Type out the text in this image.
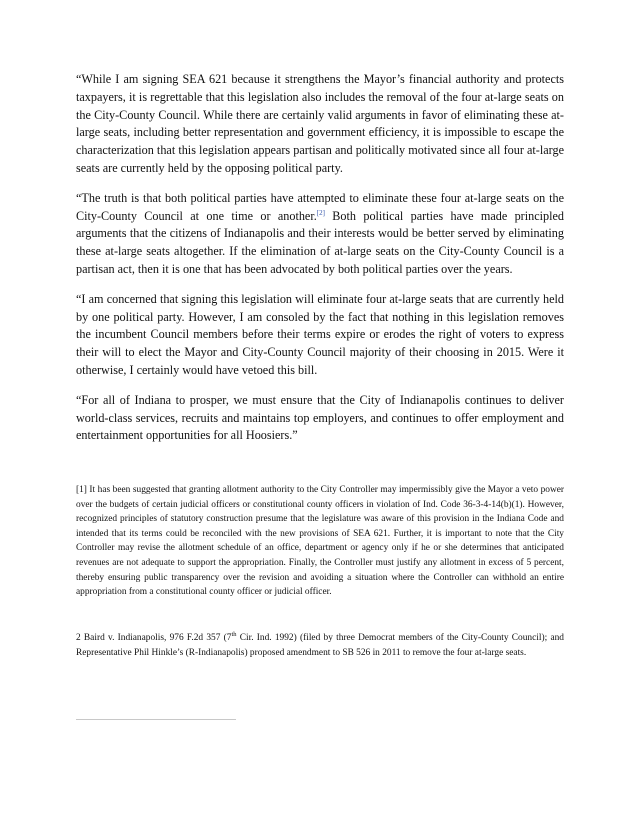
“While I am signing SEA 621 because it strengthens the Mayor’s financial authority and protects taxpayers, it is regrettable that this legislation also includes the removal of the four at-large seats on the City-County Council. While there are certainly valid arguments in favor of eliminating these at-large seats, including better representation and government efficiency, it is impossible to escape the characterization that this legislation appears partisan and politically motivated since all four at-large seats are currently held by the opposing political party.

“The truth is that both political parties have attempted to eliminate these four at-large seats on the City-County Council at one time or another.[2] Both political parties have made principled arguments that the citizens of Indianapolis and their interests would be better served by eliminating these at-large seats altogether. If the elimination of at-large seats on the City-County Council is a partisan act, then it is one that has been advocated by both political parties over the years.

“I am concerned that signing this legislation will eliminate four at-large seats that are currently held by one political party. However, I am consoled by the fact that nothing in this legislation removes the incumbent Council members before their terms expire or erodes the right of voters to express their will to elect the Mayor and City-County Council majority of their choosing in 2015. Were it otherwise, I certainly would have vetoed this bill.

“For all of Indiana to prosper, we must ensure that the City of Indianapolis continues to deliver world-class services, recruits and maintains top employers, and continues to offer employment and entertainment opportunities for all Hoosiers.”

[1] It has been suggested that granting allotment authority to the City Controller may impermissibly give the Mayor a veto power over the budgets of certain judicial officers or constitutional county officers in violation of Ind. Code 36-3-4-14(b)(1). However, recognized principles of statutory construction presume that the legislature was aware of this provision in the Indiana Code and intended that its terms could be reconciled with the new provisions of SEA 621. Further, it is important to note that the City Controller may revise the allotment schedule of an office, department or agency only if he or she determines that anticipated revenues are not adequate to support the appropriation. Finally, the Controller must justify any allotment in excess of 5 percent, thereby ensuring public transparency over the revision and avoiding a situation where the Controller can withhold an entire appropriation from a constitutional county officer or judicial officer.

2 Baird v. Indianapolis, 976 F.2d 357 (7th Cir. Ind. 1992) (filed by three Democrat members of the City-County Council); and Representative Phil Hinkle’s (R-Indianapolis) proposed amendment to SB 526 in 2011 to remove the four at-large seats.
